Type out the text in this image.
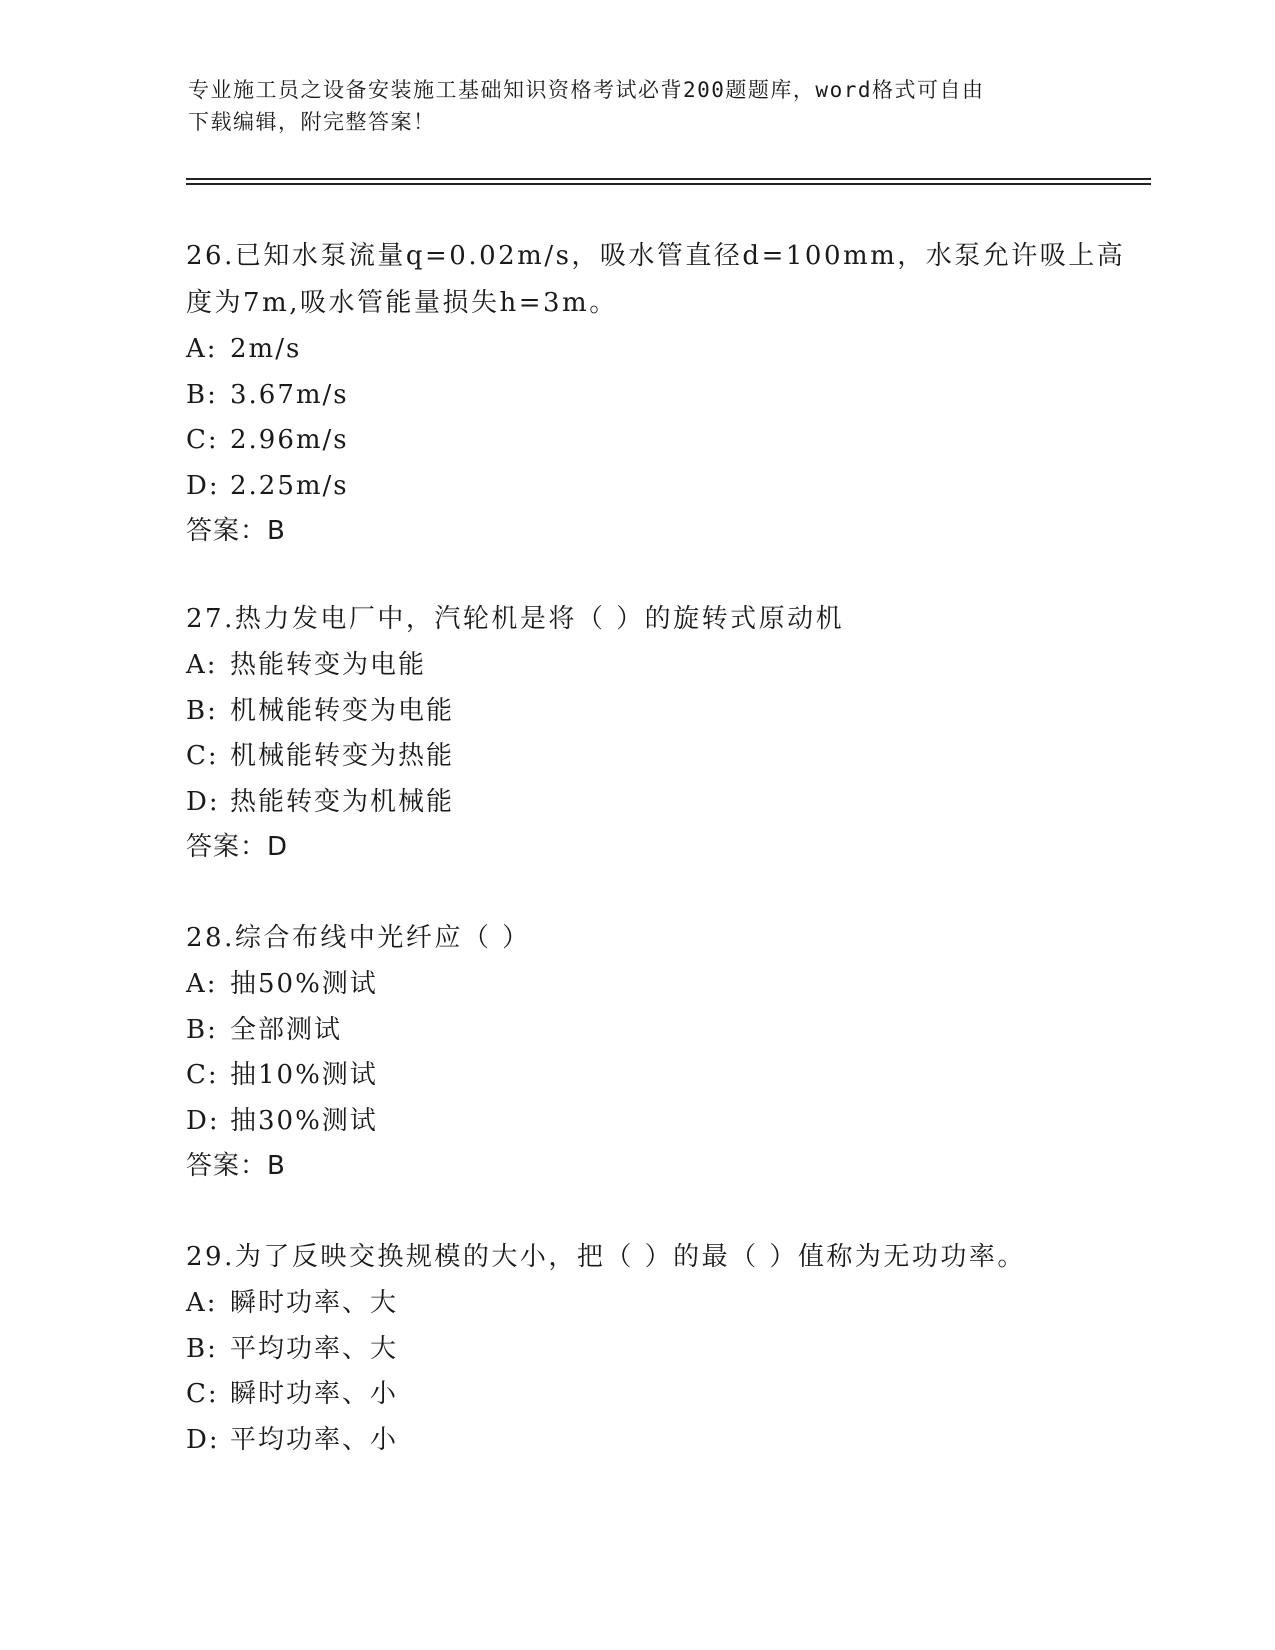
专业施工员之设备安装施工基础知识资格考试必背200题题库，word格式可自由
下载编辑，附完整答案！
26.已知水泵流量q=0.02m/s，吸水管直径d=100mm，水泵允许吸上高
度为7m,吸水管能量损失h=3m。
A: 2m/s
B: 3.67m/s
C: 2.96m/s
D: 2.25m/s
答案：B
27.热力发电厂中，汽轮机是将（ ）的旋转式原动机
A: 热能转变为电能
B: 机械能转变为电能
C: 机械能转变为热能
D: 热能转变为机械能
答案：D
28.综合布线中光纤应（ ）
A: 抽50%测试
B: 全部测试
C: 抽10%测试
D: 抽30%测试
答案：B
29.为了反映交换规模的大小，把（ ）的最（ ）值称为无功功率。
A: 瞬时功率、大
B: 平均功率、大
C: 瞬时功率、小
D: 平均功率、小
